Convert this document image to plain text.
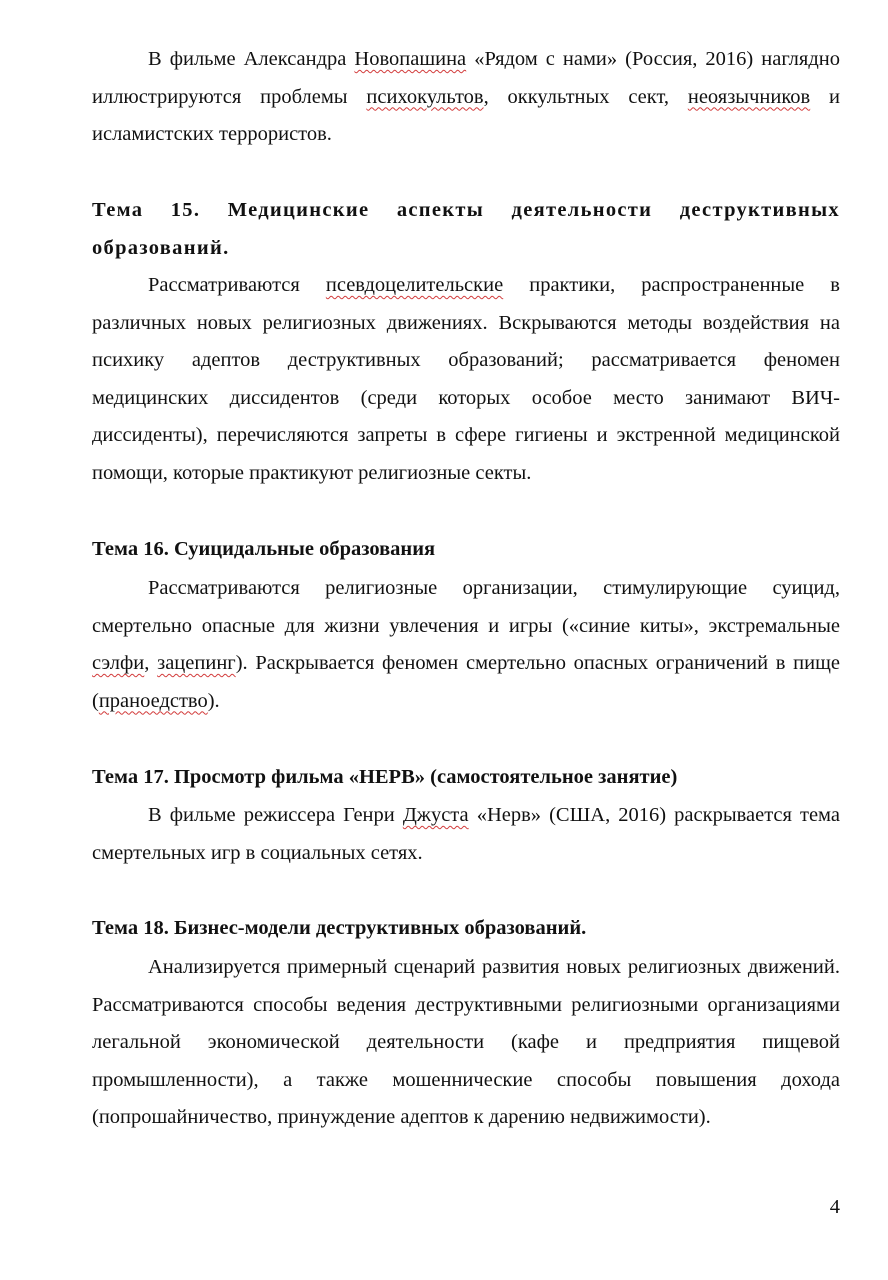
В фильме Александра Новопашина «Рядом с нами» (Россия, 2016) наглядно иллюстрируются проблемы психокультов, оккультных сект, неоязычников и исламистских террористов.

Тема 15. Медицинские аспекты деятельности деструктивных образований.

Рассматриваются псевдоцелительские практики, распространенные в различных новых религиозных движениях. Вскрываются методы воздействия на психику адептов деструктивных образований; рассматривается феномен медицинских диссидентов (среди которых особое место занимают ВИЧ-диссиденты), перечисляются запреты в сфере гигиены и экстренной медицинской помощи, которые практикуют религиозные секты.

Тема 16. Суицидальные образования

Рассматриваются религиозные организации, стимулирующие суицид, смертельно опасные для жизни увлечения и игры («синие киты», экстремальные сэлфи, зацепинг). Раскрывается феномен смертельно опасных ограничений в пище (праноедство).

Тема 17. Просмотр фильма «НЕРВ» (самостоятельное занятие)

В фильме режиссера Генри Джуста «Нерв» (США, 2016) раскрывается тема смертельных игр в социальных сетях.

Тема 18. Бизнес-модели деструктивных образований.

Анализируется примерный сценарий развития новых религиозных движений. Рассматриваются способы ведения деструктивными религиозными организациями легальной экономической деятельности (кафе и предприятия пищевой промышленности), а также мошеннические способы повышения дохода (попрошайничество, принуждение адептов к дарению недвижимости).

4
